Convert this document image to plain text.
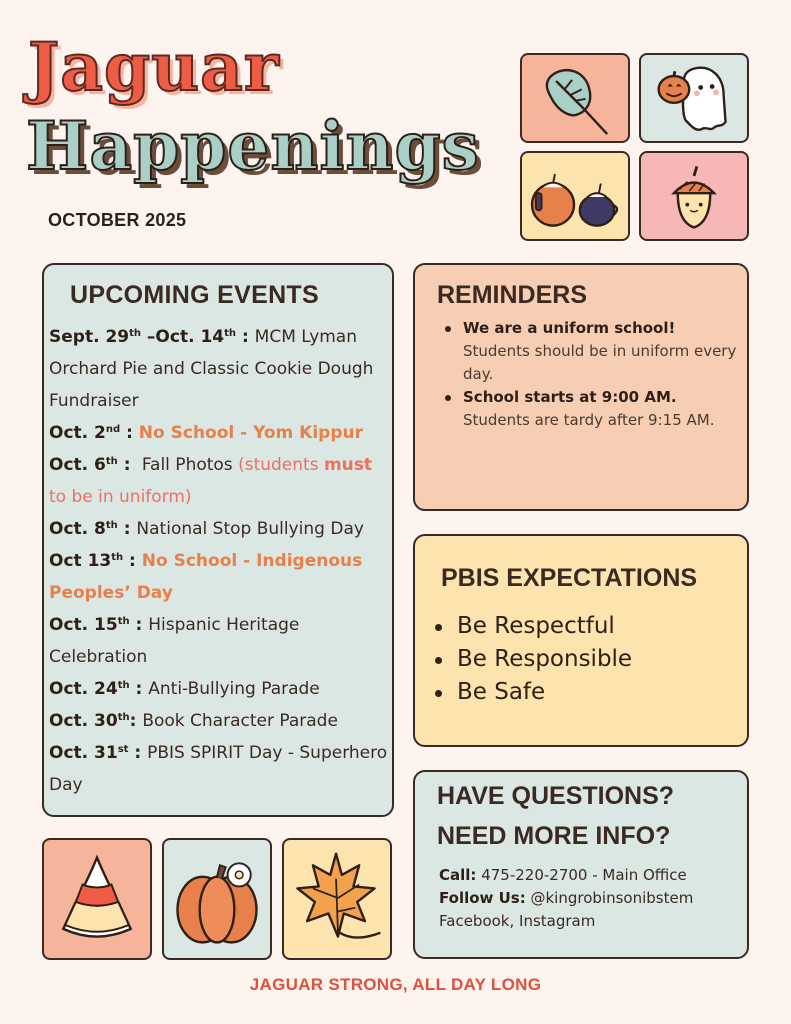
Jaguar
Happenings
OCTOBER 2025
UPCOMING EVENTS
Sept. 29th –Oct. 14th : MCM Lyman Orchard Pie and Classic Cookie Dough Fundraiser
Oct. 2nd : No School - Yom Kippur
Oct. 6th :  Fall Photos (students must to be in uniform)
Oct. 8th : National Stop Bullying Day
Oct 13th : No School - Indigenous Peoples’ Day
Oct. 15th : Hispanic Heritage Celebration
Oct. 24th : Anti-Bullying Parade
Oct. 30th: Book Character Parade
Oct. 31st : PBIS SPIRIT Day - Superhero Day
REMINDERS
We are a uniform school!
Students should be in uniform every day.
School starts at 9:00 AM.
Students are tardy after 9:15 AM.
PBIS EXPECTATIONS
Be Respectful
Be Responsible
Be Safe
HAVE QUESTIONS?
NEED MORE INFO?
Call: 475-220-2700 - Main Office
Follow Us: @kingrobinsonibstem
Facebook, Instagram
JAGUAR STRONG, ALL DAY LONG
